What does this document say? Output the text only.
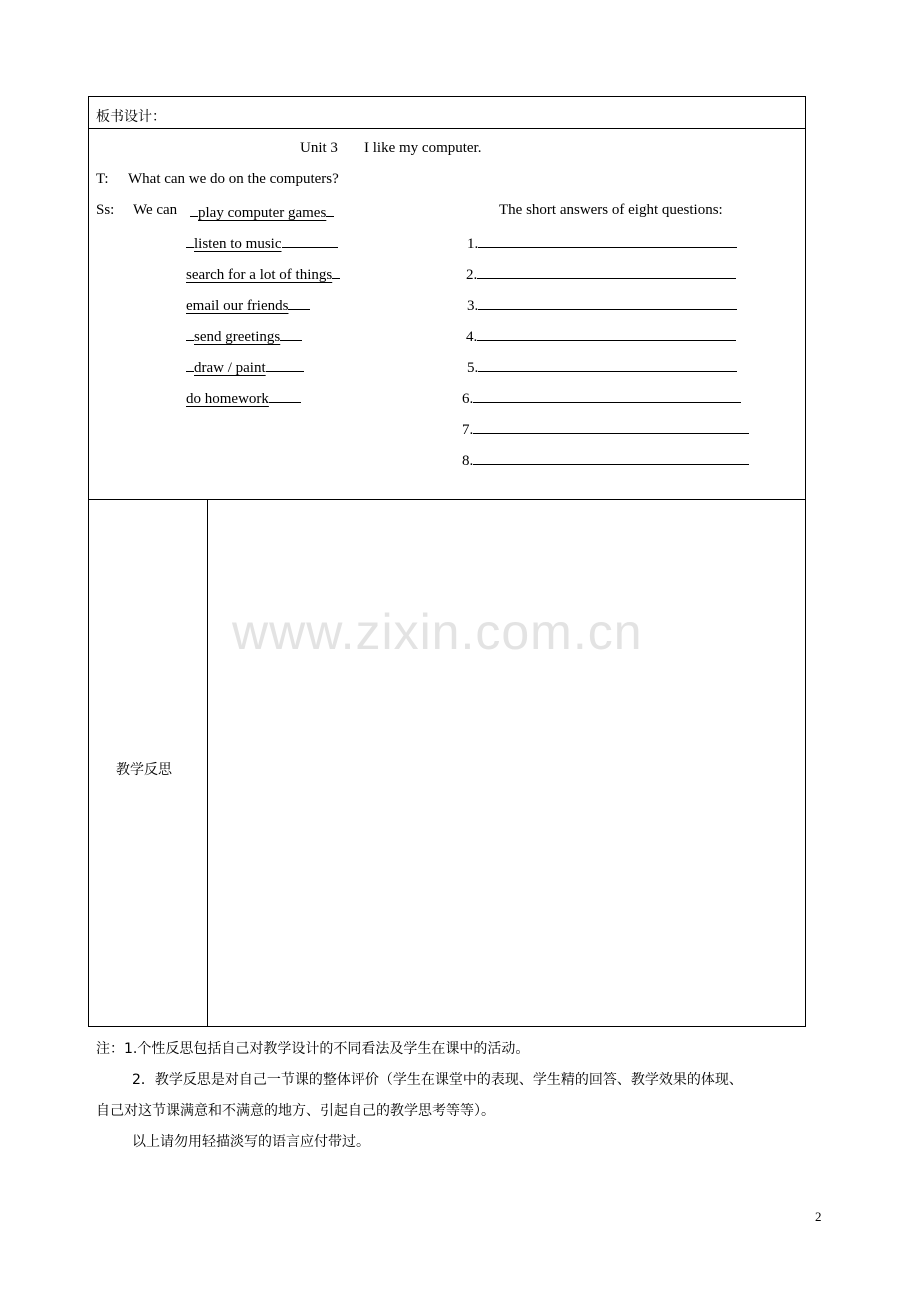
板书设计：
Unit 3 I like my computer.
T: What can we do on the computers?
Ss: We can	play computer games
listen to music
search for a lot of things
email our friends
send greetings
draw / paint
do homework
The short answers of eight questions:
1.
2.
3.
4.
5.
6.
7.
8.
教学反思
www.zixin.com.cn
注：1.个性反思包括自己对教学设计的不同看法及学生在课中的活动。
2．教学反思是对自己一节课的整体评价（学生在课堂中的表现、学生精的回答、教学效果的体现、
自己对这节课满意和不满意的地方、引起自己的教学思考等等）。
以上请勿用轻描淡写的语言应付带过。
2
